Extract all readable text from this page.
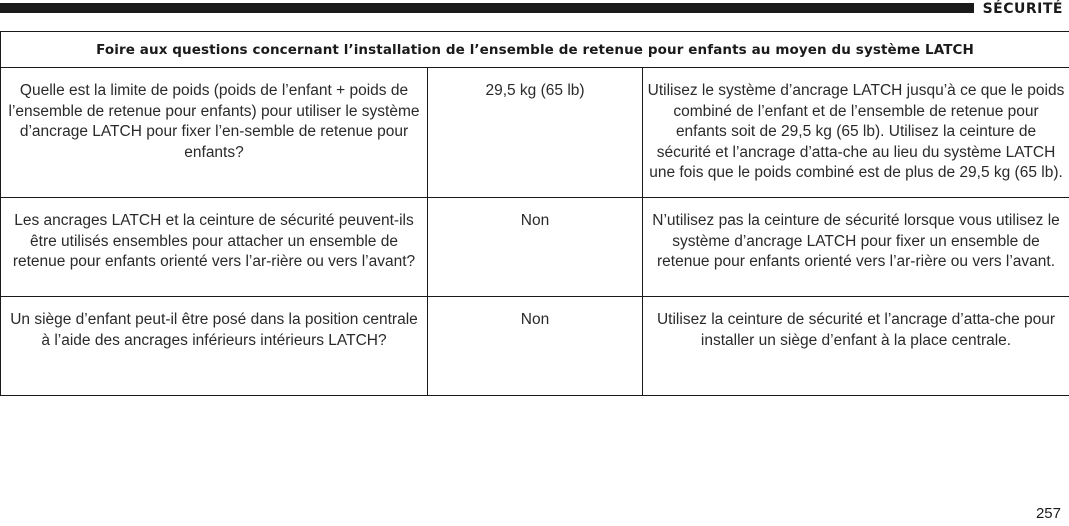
SÉCURITÉ
Foire aux questions concernant l’installation de l’ensemble de retenue pour enfants au moyen du système LATCH		
Quelle est la limite de poids (poids de l’enfant + poids de l’ensemble de retenue pour enfants) pour utiliser le système d’ancrage LATCH pour fixer l’en-semble de retenue pour enfants?	29,5 kg (65 lb)	Utilisez le système d’ancrage LATCH jusqu’à ce que le poids combiné de l’enfant et de l’ensemble de retenue pour enfants soit de 29,5 kg (65 lb). Utilisez la ceinture de sécurité et l’ancrage d’atta-che au lieu du système LATCH une fois que le poids combiné est de plus de 29,5 kg (65 lb).
Les ancrages LATCH et la ceinture de sécurité peuvent-ils être utilisés ensembles pour attacher un ensemble de retenue pour enfants orienté vers l’ar-rière ou vers l’avant?	Non	N’utilisez pas la ceinture de sécurité lorsque vous utilisez le système d’ancrage LATCH pour fixer un ensemble de retenue pour enfants orienté vers l’ar-rière ou vers l’avant.
Un siège d’enfant peut-il être posé dans la position centrale à l’aide des ancrages inférieurs intérieurs LATCH?	Non	Utilisez la ceinture de sécurité et l’ancrage d’atta-che pour installer un siège d’enfant à la place centrale.
257
